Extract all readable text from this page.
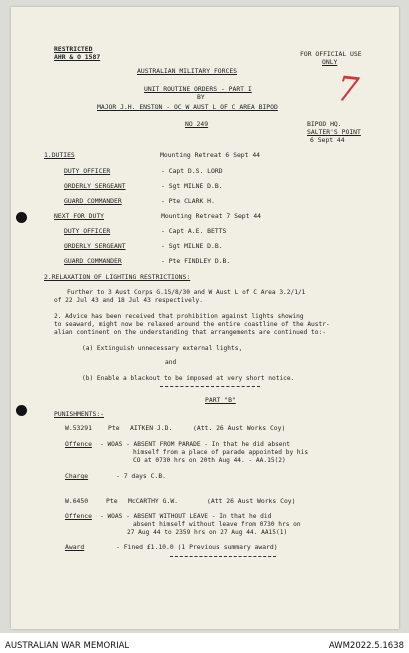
RESTRICTED
AHR & O 1587	FOR OFFICIAL USE
ONLY
AUSTRALIAN MILITARY FORCES
UNIT ROUTINE ORDERS - PART I
BY
MAJOR J.H. ENSTON - OC W AUST L OF C AREA BIPOD
NO 249	BIPOD HQ.
SALTER'S POINT
6 Sept 44
7
1.DUTIES	Mounting Retreat 6 Sept 44
DUTY OFFICER	- Capt D.S. LORD
ORDERLY SERGEANT	- Sgt MILNE D.B.
GUARD COMMANDER	- Pte CLARK H.
NEXT FOR DUTY	Mounting Retreat 7 Sept 44
DUTY OFFICER	- Capt A.E. BETTS
ORDERLY SERGEANT	- Sgt MILNE D.B.
GUARD COMMANDER	- Pte FINDLEY D.B.
2.RELAXATION OF LIGHTING RESTRICTIONS:
Further to 3 Aust Corps G.15/8/30 and W Aust L of C Area 3.2/1/1
of 22 Jul 43 and 18 Jul 43 respectively.
2. Advice has been received that prohibition against lights showing
to seaward, might now be relaxed around the entire coastline of the Austr-
alian continent on the understanding that arrangements are continued to:-
(a) Extinguish unnecessary external lights,
and
(b) Enable a blackout to be imposed at very short notice.
PART "B"
PUNISHMENTS:-
W.53291	Pte AITKEN J.D.	(Att. 26 Aust Works Coy)
Offence - WOAS - ABSENT FROM PARADE - In that he did absent
himself from a place of parade appointed by his
CO at 0730 hrs on 20th Aug 44. - AA.15(2)
Charge	- 7 days C.B.
W.6450	Pte McCARTHY G.W.	(Att 26 Aust Works Coy)
Offence - WOAS - ABSENT WITHOUT LEAVE - In that he did
absent himself without leave from 0730 hrs on
27 Aug 44 to 2359 hrs on 27 Aug 44. AA15(1)
Award	- Fined £1.10.0 (1 Previous summary award)
AUSTRALIAN WAR MEMORIAL	AWM2022.5.1638
